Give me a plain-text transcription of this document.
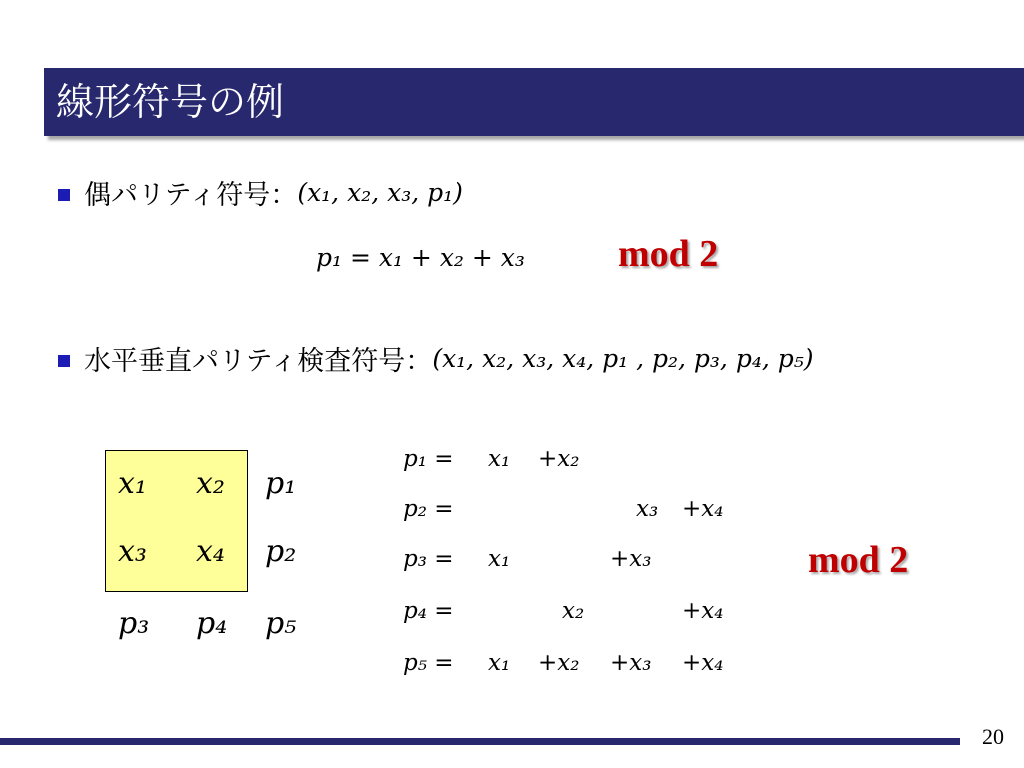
線形符号の例
偶パリティ符号： (x₁, x₂, x₃, p₁)
p₁ = x₁ + x₂ + x₃ mod 2
水平垂直パリティ検査符号： (x₁, x₂, x₃, x₄, p₁ , p₂, p₃, p₄, p₅)
x₁ x₂ p₁
x₃ x₄ p₂
p₃ p₄ p₅
p₁ = x₁ +x₂
p₂ =	x₃ +x₄
p₃ = x₁	+x₃
p₄ =	x₂	+x₄
p₅ = x₁ +x₂ +x₃ +x₄
mod 2
20
